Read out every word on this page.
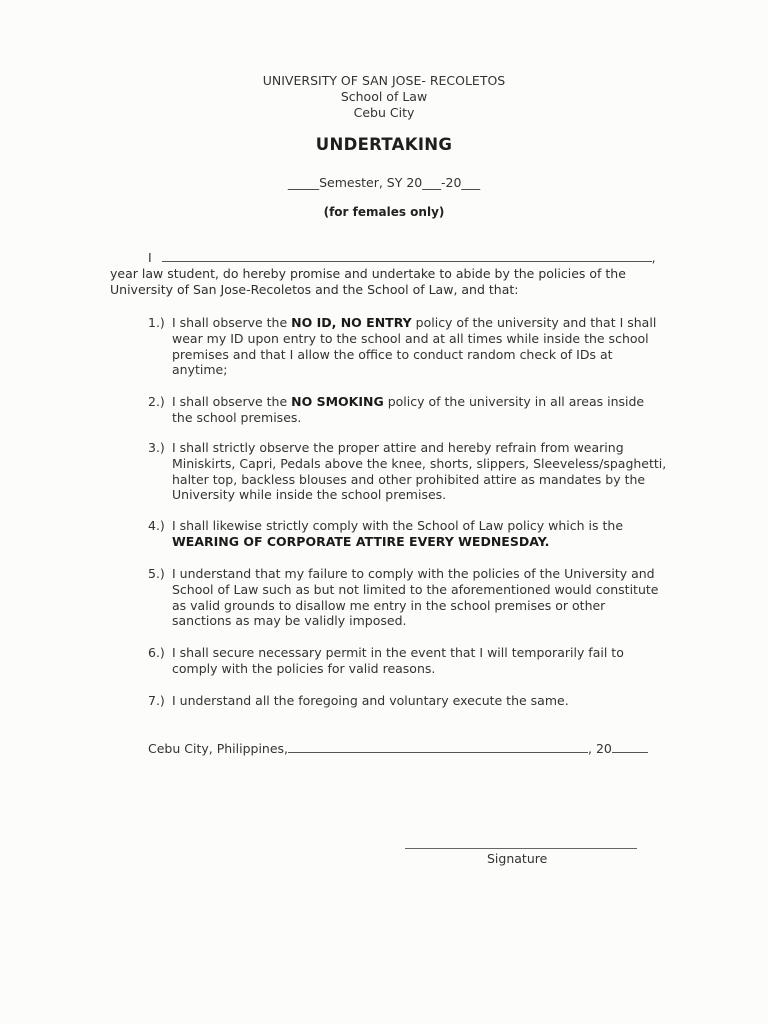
UNIVERSITY OF SAN JOSE- RECOLETOS
School of Law
Cebu City
UNDERTAKING
_____Semester, SY 20___-20___
(for females only)
I	,
year law student, do hereby promise and undertake to abide by the policies of the
University of San Jose-Recoletos and the School of Law, and that:
1.) I shall observe the NO ID, NO ENTRY policy of the university and that I shall wear my ID upon entry to the school and at all times while inside the school premises and that I allow the office to conduct random check of IDs at anytime;
2.) I shall observe the NO SMOKING policy of the university in all areas inside the school premises.
3.) I shall strictly observe the proper attire and hereby refrain from wearing Miniskirts, Capri, Pedals above the knee, shorts, slippers, Sleeveless/spaghetti, halter top, backless blouses and other prohibited attire as mandates by the University while inside the school premises.
4.) I shall likewise strictly comply with the School of Law policy which is the WEARING OF CORPORATE ATTIRE EVERY WEDNESDAY.
5.) I understand that my failure to comply with the policies of the University and School of Law such as but not limited to the aforementioned would constitute as valid grounds to disallow me entry in the school premises or other sanctions as may be validly imposed.
6.) I shall secure necessary permit in the event that I will temporarily fail to comply with the policies for valid reasons.
7.) I understand all the foregoing and voluntary execute the same.
Cebu City, Philippines,	, 20
Signature
